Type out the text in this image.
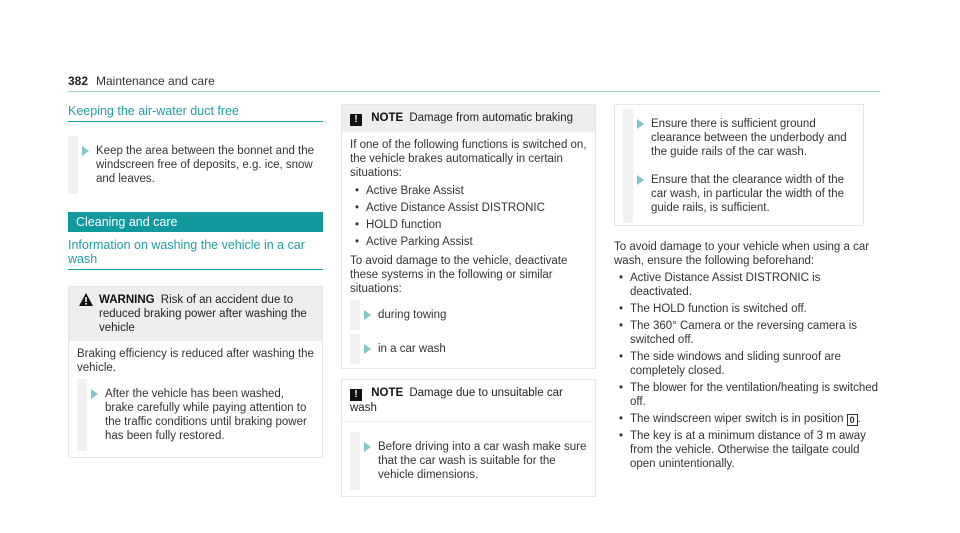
382 Maintenance and care
Keeping the air-water duct free
Keep the area between the bonnet and the windscreen free of deposits, e.g. ice, snow and leaves.
Cleaning and care
Information on washing the vehicle in a car wash
WARNING Risk of an accident due to reduced braking power after washing the vehicle

Braking efficiency is reduced after washing the vehicle.

After the vehicle has been washed, brake carefully while paying attention to the traffic conditions until braking power has been fully restored.
! NOTE Damage from automatic braking

If one of the following functions is switched on, the vehicle brakes automatically in certain situations:

• Active Brake Assist
• Active Distance Assist DISTRONIC
• HOLD function
• Active Parking Assist

To avoid damage to the vehicle, deactivate these systems in the following or similar situations:

during towing
in a car wash
! NOTE Damage due to unsuitable car wash
Before driving into a car wash make sure that the car wash is suitable for the vehicle dimensions.
Ensure there is sufficient ground clearance between the underbody and the guide rails of the car wash.
Ensure that the clearance width of the car wash, in particular the width of the guide rails, is sufficient.

To avoid damage to your vehicle when using a car wash, ensure the following beforehand:

• Active Distance Assist DISTRONIC is deactivated.
• The HOLD function is switched off.
• The 360° Camera or the reversing camera is switched off.
• The side windows and sliding sunroof are completely closed.
• The blower for the ventilation/heating is switched off.
• The windscreen wiper switch is in position 0 .
• The key is at a minimum distance of 3 m away from the vehicle. Otherwise the tailgate could open unintentionally.
